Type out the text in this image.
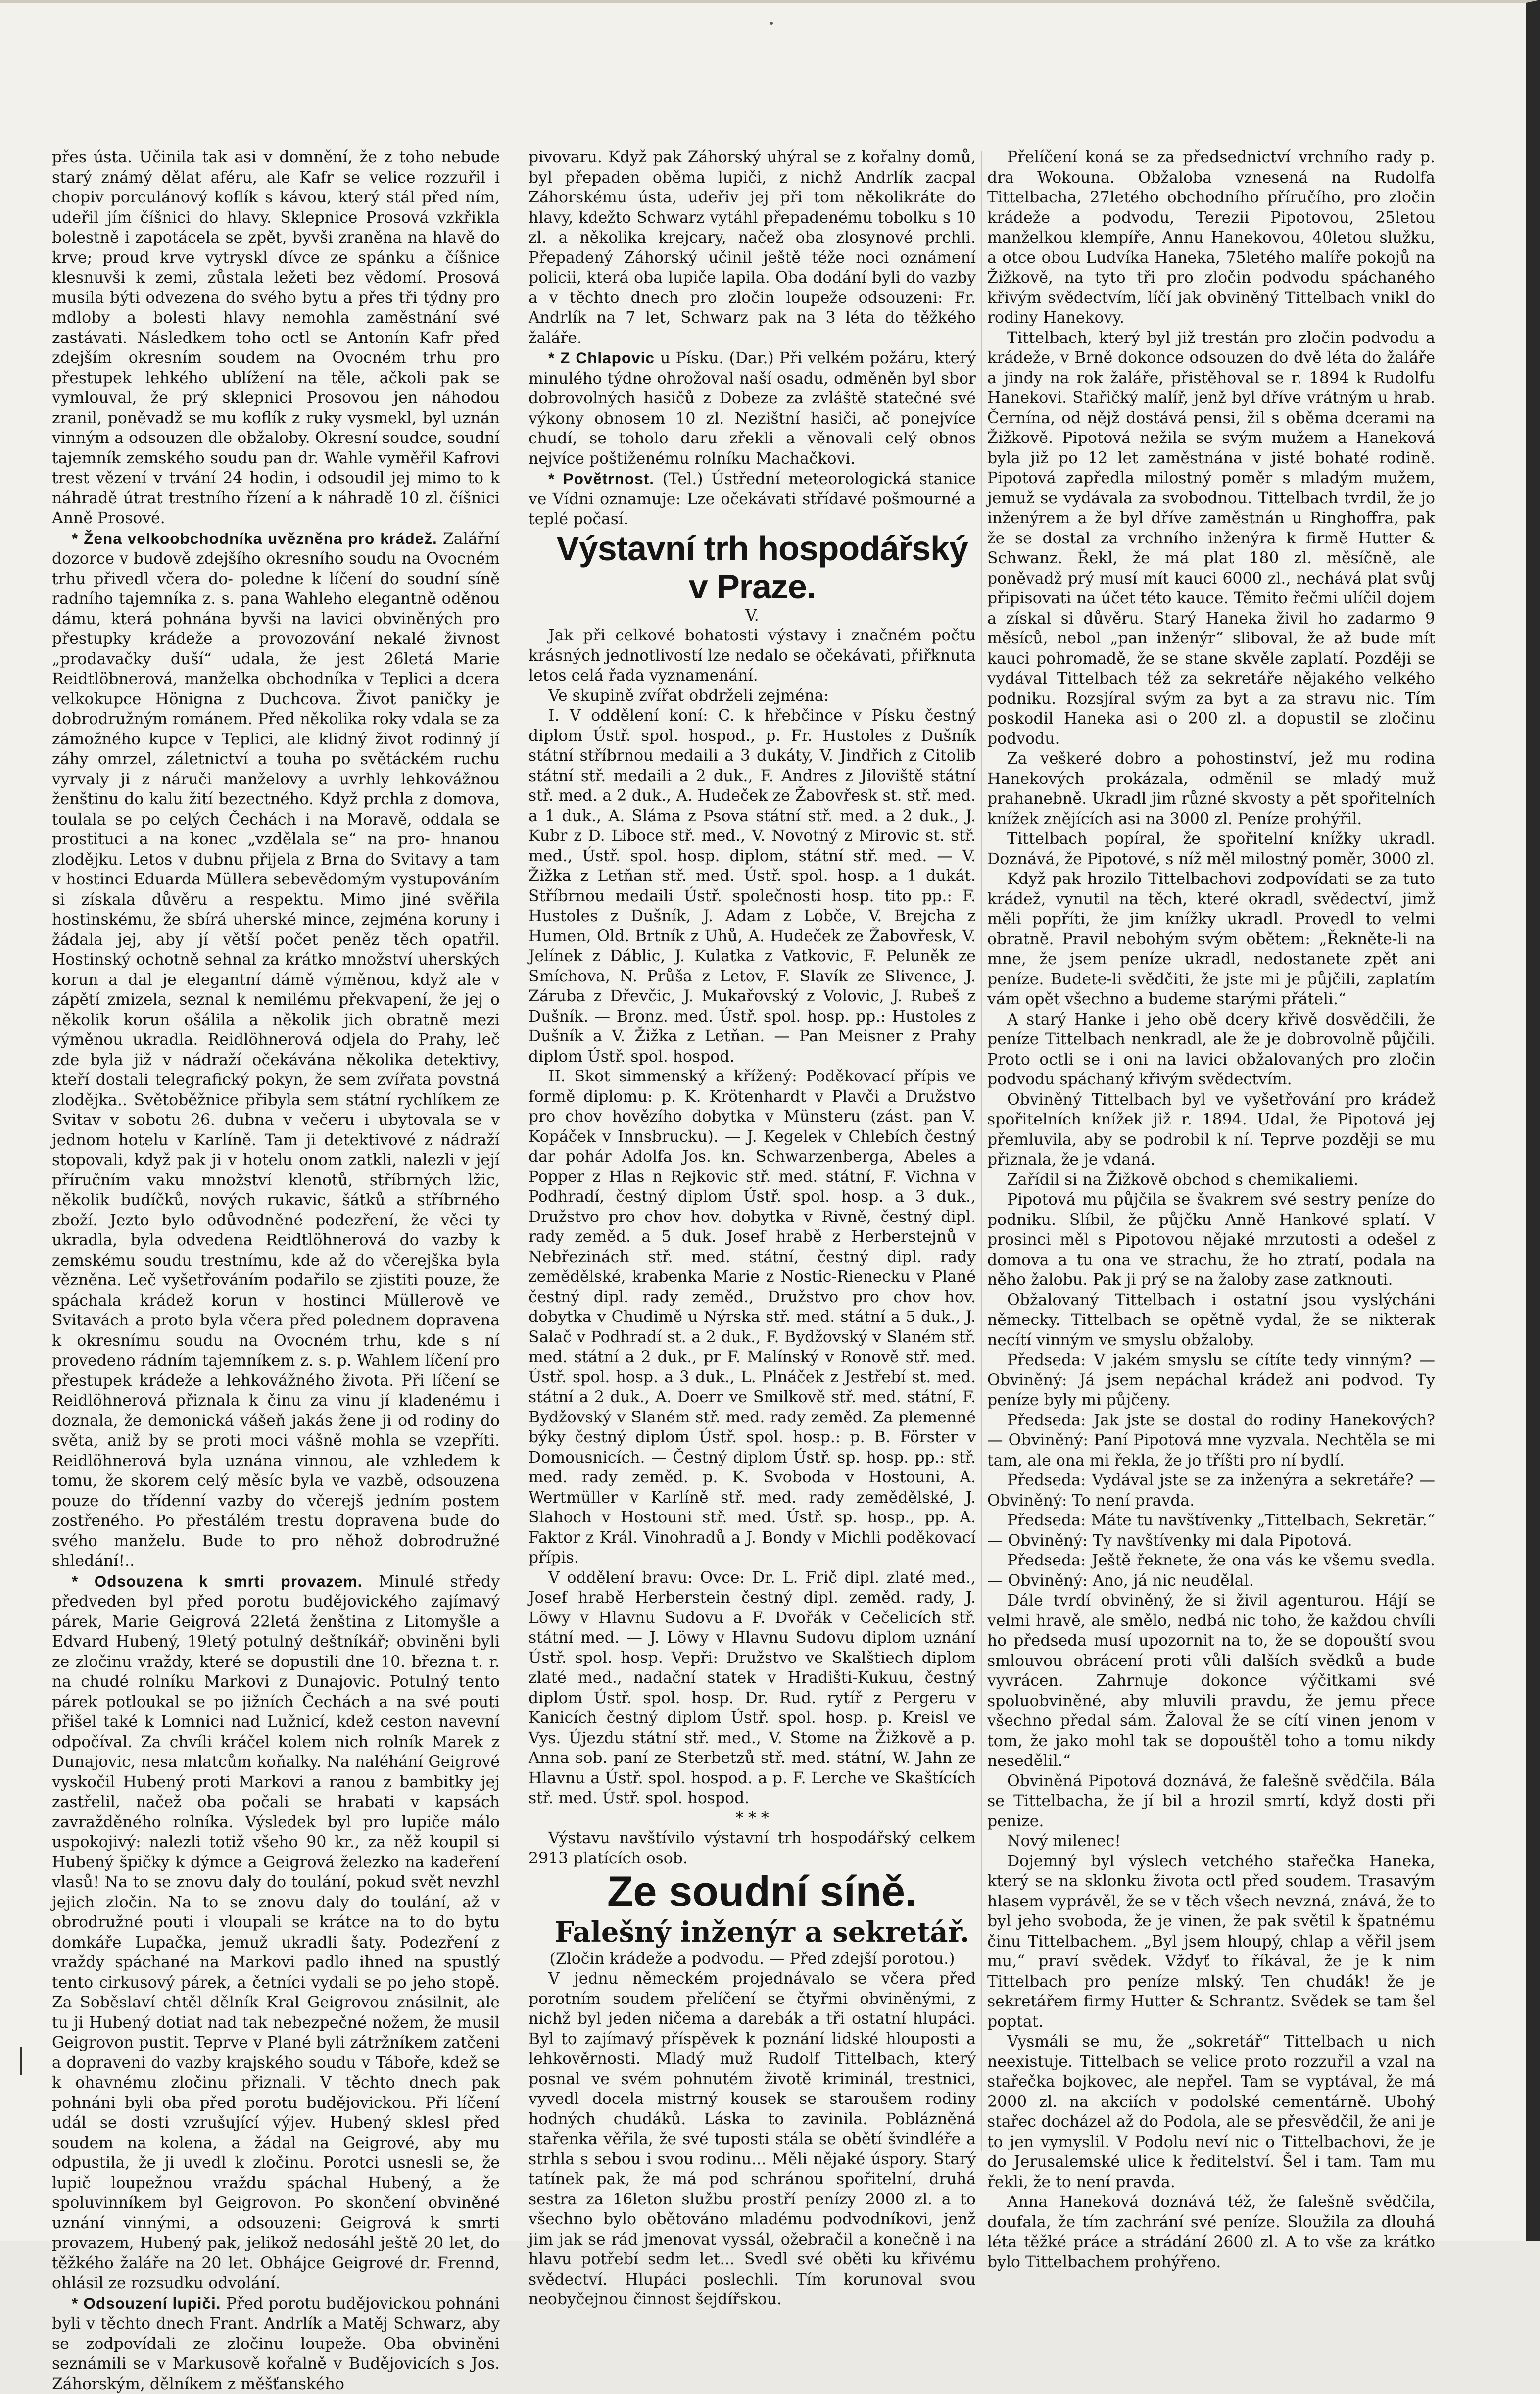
přes ústa. Učinila tak asi v domnění, že z toho nebude starý známý dělat aféru, ale Kafr se velice rozzuřil i chopiv porculánový koflík s kávou, který stál před ním, udeřil jím číšnici do hlavy. Sklepnice Prosová vzkřikla bolestně i zapotácela se zpět, byvši zraněna na hlavě do krve; proud krve vytryskl dívce ze spánku a číšnice klesnuvši k zemi, zůstala ležeti bez vědomí. Prosová musila býti odvezena do svého bytu a přes tři týdny pro mdloby a bolesti hlavy nemohla zaměstnání své zastávati. Následkem toho octl se Antonín Kafr před zdejším okresním soudem na Ovocném trhu pro přestupek lehkého ublížení na těle, ačkoli pak se vymlouval, že prý sklepnici Prosovou jen náhodou zranil, poněvadž se mu koflík z ruky vysmekl, byl uznán vinným a odsouzen dle obžaloby. Okresní soudce, soudní tajemník zemského soudu pan dr. Wahle vyměřil Kafrovi trest vězení v trvání 24 hodin, i odsoudil jej mimo to k náhradě útrat trestního řízení a k náhradě 10 zl. číšnici Anně Prosové.

* Žena velkoobchodníka uvězněna pro krádež. Zalářní dozorce v budově zdejšího okresního soudu na Ovocném trhu přivedl včera do- poledne k líčení do soudní síně radního tajemníka z. s. pana Wahleho elegantně oděnou dámu, která pohnána byvši na lavici obviněných pro přestupky krádeže a provozování nekalé živnost „prodavačky duší“ udala, že jest 26letá Marie Reidtlöbnerová, manželka obchodníka v Teplici a dcera velkokupce Hönigna z Duchcova. Život paničky je dobrodružným románem. Před několika roky vdala se za zámožného kupce v Teplici, ale klidný život rodinný jí záhy omrzel, záletnictví a touha po světáckém ruchu vyrvaly ji z náruči manželovy a uvrhly lehkovážnou ženštinu do kalu žití bezectného. Když prchla z domova, toulala se po celých Čechách i na Moravě, oddala se prostituci a na konec „vzdělala se“ na pro- hnanou zlodějku. Letos v dubnu přijela z Brna do Svitavy a tam v hostinci Eduarda Müllera sebevědomým vystupováním si získala důvěru a respektu. Mimo jiné svěřila hostinskému, že sbírá uherské mince, zejména koruny i žádala jej, aby jí větší počet peněz těch opatřil. Hostinský ochotně sehnal za krátko množství uherských korun a dal je elegantní dámě výměnou, když ale v zápětí zmizela, seznal k nemilému překvapení, že jej o několik korun ošálila a několik jich obratně mezi výměnou ukradla. Reidlöhnerová odjela do Prahy, leč zde byla již v nádraží očekávána několika detektivy, kteří dostali telegrafický pokyn, že sem zvířata povstná zlodějka.. Světoběžnice přibyla sem státní rychlíkem ze Svitav v sobotu 26. dubna v večeru i ubytovala se v jednom hotelu v Karlíně. Tam ji detektivové z nádraží stopovali, když pak ji v hotelu onom zatkli, nalezli v její příručním vaku množství klenotů, stříbrných lžic, několik budíčků, nových rukavic, šátků a stříbrného zboží. Jezto bylo odůvodněné podezření, že věci ty ukradla, byla odvedena Reidtlöhnerová do vazby k zemskému soudu trestnímu, kde až do včerejška byla vězněna. Leč vyšetřováním podařilo se zjistiti pouze, že spáchala krádež korun v hostinci Müllerově ve Svitavách a proto byla včera před polednem dopravena k okresnímu soudu na Ovocném trhu, kde s ní provedeno rádním tajemníkem z. s. p. Wahlem líčení pro přestupek krádeže a lehkovážného života. Při líčení se Reidlöhnerová přiznala k činu za vinu jí kladenému i doznala, že demonická vášeň jakás žene ji od rodiny do světa, aniž by se proti moci vášně mohla se vzepříti. Reidlöhnerová byla uznána vinnou, ale vzhledem k tomu, že skorem celý měsíc byla ve vazbě, odsouzena pouze do třídenní vazby do včerejš jedním postem zostřeného. Po přestálém trestu dopravena bude do svého manželu. Bude to pro něhož dobrodružné shledání!..

* Odsouzena k smrti provazem. Minulé středy předveden byl před porotu budějovického zajímavý párek, Marie Geigrová 22letá ženština z Litomyšle a Edvard Hubený, 19letý potulný deštníkář; obviněni byli ze zločinu vraždy, které se dopustili dne 10. března t. r. na chudé rolníku Markovi z Dunajovic. Potulný tento párek potloukal se po jižních Čechách a na své pouti přišel také k Lomnici nad Lužnicí, kdež ceston navevní odpočíval. Za chvíli kráčel kolem nich rolník Marek z Dunajovic, nesa mlatcům koňalky. Na naléhání Geigrové vyskočil Hubený proti Markovi a ranou z bambitky jej zastřelil, načež oba počali se hrabati v kapsách zavražděného rolníka. Výsledek byl pro lupiče málo uspokojivý: nalezli totiž všeho 90 kr., za něž koupil si Hubený špičky k dýmce a Geigrová železko na kadeření vlasů! Na to se znovu daly do toulání, pokud svět nevzhl jejich zločin. Na to se znovu daly do toulání, až v obrodružné pouti i vloupali se krátce na to do bytu domkáře Lupačka, jemuž ukradli šaty. Podezření z vraždy spáchané na Markovi padlo ihned na spustlý tento cirkusový párek, a četníci vydali se po jeho stopě. Za Soběslaví chtěl dělník Kral Geigrovou znásilnit, ale tu ji Hubený dotiat nad tak nebezpečné nožem, že musil Geigrovon pustit. Teprve v Plané byli zátržníkem zatčeni a dopraveni do vazby krajského soudu v Táboře, kdež se k ohavnému zločinu přiznali. V těchto dnech pak pohnáni byli oba před porotu budějovickou. Při líčení udál se dosti vzrušující výjev. Hubený sklesl před soudem na kolena, a žádal na Geigrové, aby mu odpustila, že ji uvedl k zločinu. Porotci usnesli se, že lupič loupežnou vraždu spáchal Hubený, a že spoluvinníkem byl Geigrovon. Po skončení obviněné uznání vinnými, a odsouzeni: Geigrová k smrti provazem, Hubený pak, jelikož nedosáhl ještě 20 let, do těžkého žaláře na 20 let. Obhájce Geigrové dr. Frennd, ohlásil ze rozsudku odvolání.

* Odsouzení lupiči. Před porotu budějovickou pohnáni byli v těchto dnech Frant. Andrlík a Matěj Schwarz, aby se zodpovídali ze zločinu loupeže. Oba obviněni seznámili se v Markusově kořalně v Budějovicích s Jos. Záhorským, dělníkem z měšťanského

pivovaru. Když pak Záhorský uhýral se z kořalny domů, byl přepaden oběma lupiči, z nichž Andrlík zacpal Záhorskému ústa, udeřiv jej při tom několikráte do hlavy, kdežto Schwarz vytáhl přepadenému tobolku s 10 zl. a několika krejcary, načež oba zlosynové prchli. Přepadený Záhorský učinil ještě téže noci oznámení policii, která oba lupiče lapila. Oba dodání byli do vazby a v těchto dnech pro zločin loupeže odsouzeni: Fr. Andrlík na 7 let, Schwarz pak na 3 léta do těžkého žaláře.

* Z Chlapovic u Písku. (Dar.) Při velkém požáru, který minulého týdne ohrožoval naší osadu, odměněn byl sbor dobrovolných hasičů z Dobeze za zvláště statečné své výkony obnosem 10 zl. Nezištní hasiči, ač ponejvíce chudí, se toholo daru zřekli a věnovali celý obnos nejvíce poštiženému rolníku Machačkovi.

* Povětrnost. (Tel.) Ústřední meteorologická stanice ve Vídni oznamuje: Lze očekávati střídavé pošmourné a teplé počasí.

Výstavní trh hospodářský v Praze.

V.

Jak při celkové bohatosti výstavy i značném počtu krásných jednotlivostí lze nedalo se očekávati, přiřknuta letos celá řada vyznamenání.

Ve skupině zvířat obdrželi zejména:

I. V oddělení koní: C. k hřebčince v Písku čestný diplom Ústř. spol. hospod., p. Fr. Hustoles z Dušník státní stříbrnou medaili a 3 dukáty, V. Jindřich z Citolib státní stř. medaili a 2 duk., F. Andres z Jiloviště státní stř. med. a 2 duk., A. Hudeček ze Žabovřesk st. stř. med. a 1 duk., A. Sláma z Psova státní stř. med. a 2 duk., J. Kubr z D. Liboce stř. med., V. Novotný z Mirovic st. stř. med., Ústř. spol. hosp. diplom, státní stř. med. — V. Žižka z Letňan stř. med. Ústř. spol. hosp. a 1 dukát. Stříbrnou medaili Ústř. společnosti hosp. tito pp.: F. Hustoles z Dušník, J. Adam z Lobče, V. Brejcha z Humen, Old. Brtník z Uhů, A. Hudeček ze Žabovřesk, V. Jelínek z Dáblic, J. Kulatka z Vatkovic, F. Peluněk ze Smíchova, N. Průša z Letov, F. Slavík ze Slivence, J. Záruba z Dřevčic, J. Mukařovský z Volovic, J. Rubeš z Dušník. — Bronz. med. Ústř. spol. hosp. pp.: Hustoles z Dušník a V. Žižka z Letňan. — Pan Meisner z Prahy diplom Ústř. spol. hospod.

II. Skot simmenský a křížený: Poděkovací přípis ve formě diplomu: p. K. Krötenhardt v Plavči a Družstvo pro chov hovězího dobytka v Münsteru (zást. pan V. Kopáček v Innsbrucku). — J. Kegelek v Chlebích čestný dar pohár Adolfa Jos. kn. Schwarzenberga, Abeles a Popper z Hlas n Rejkovic stř. med. státní, F. Vichna v Podhradí, čestný diplom Ústř. spol. hosp. a 3 duk., Družstvo pro chov hov. dobytka v Rivně, čestný dipl. rady zeměd. a 5 duk. Josef hrabě z Herberstejnů v Nebřezinách stř. med. státní, čestný dipl. rady zemědělské, krabenka Marie z Nostic-Rienecku v Plané čestný dipl. rady zeměd., Družstvo pro chov hov. dobytka v Chudimě u Nýrska stř. med. státní a 5 duk., J. Salač v Podhradí st. a 2 duk., F. Bydžovský v Slaném stř. med. státní a 2 duk., pr F. Malínský v Ronově stř. med. Ústř. spol. hosp. a 3 duk., L. Plnáček z Jestřebí st. med. státní a 2 duk., A. Doerr ve Smilkově stř. med. státní, F. Bydžovský v Slaném stř. med. rady zeměd. Za plemenné býky čestný diplom Ústř. spol. hosp.: p. B. Förster v Domousnicích. — Čestný diplom Ústř. sp. hosp. pp.: stř. med. rady zeměd. p. K. Svoboda v Hostouni, A. Wertmüller v Karlíně stř. med. rady zemědělské, J. Slahoch v Hostouni stř. med. Ústř. sp. hosp., pp. A. Faktor z Král. Vinohradů a J. Bondy v Michli poděkovací přípis.

V oddělení bravu: Ovce: Dr. L. Frič dipl. zlaté med., Josef hrabě Herberstein čestný dipl. zeměd. rady, J. Löwy v Hlavnu Sudovu a F. Dvořák v Cečelicích stř. státní med. — J. Löwy v Hlavnu Sudovu diplom uznání Ústř. spol. hosp. Vepři: Družstvo ve Skalštiech diplom zlaté med., nadační statek v Hradišti-Kukuu, čestný diplom Ústř. spol. hosp. Dr. Rud. rytíř z Pergeru v Kanicích čestný diplom Ústř. spol. hosp. p. Kreisl ve Vys. Újezdu státní stř. med., V. Stome na Žižkově a p. Anna sob. paní ze Sterbetzů stř. med. státní, W. Jahn ze Hlavnu a Ústř. spol. hospod. a p. F. Lerche ve Skaštících stř. med. Ústř. spol. hospod.

* * *

Výstavu navštívilo výstavní trh hospodářský celkem 2913 platících osob.

Ze soudní síně.

Falešný inženýr a sekretář.

(Zločin krádeže a podvodu. — Před zdejší porotou.)

V jednu německém projednávalo se včera před porotním soudem přelíčení se čtyřmi obviněnými, z nichž byl jeden ničema a darebák a tři ostatní hlupáci. Byl to zajímavý příspěvek k poznání lidské hlouposti a lehkověrnosti. Mladý muž Rudolf Tittelbach, který posnal ve svém pohnutém životě kriminál, trestnici, vyvedl docela mistrný kousek se staroušem rodiny hodných chudáků. Láska to zavinila. Poblázněná stařenka věřila, že své tuposti stála se obětí švindléře a strhla s sebou i svou rodinu... Měli nějaké úspory. Starý tatínek pak, že má pod schránou spořitelní, druhá sestra za 16leton službu prostří penízy 2000 zl. a to všechno bylo obětováno mladému podvodníkovi, jenž jim jak se rád jmenovat vyssál, ožebračil a konečně i na hlavu potřebí sedm let... Svedl své oběti ku křivému svědectví. Hlupáci poslechli. Tím korunoval svou neobyčejnou činnost šejdířskou.

Přelíčení koná se za předsednictví vrchního rady p. dra Wokouna. Obžaloba vznesená na Rudolfa Tittelbacha, 27letého obchodního příručího, pro zločin krádeže a podvodu, Terezii Pipotovou, 25letou manželkou klempíře, Annu Hanekovou, 40letou služku, a otce obou Ludvíka Haneka, 75letého malíře pokojů na Žižkově, na tyto tři pro zločin podvodu spáchaného křivým svědectvím, líčí jak obviněný Tittelbach vnikl do rodiny Hanekovy.

Tittelbach, který byl již trestán pro zločin podvodu a krádeže, v Brně dokonce odsouzen do dvě léta do žaláře a jindy na rok žaláře, přistěhoval se r. 1894 k Rudolfu Hanekovi. Stařičký malíř, jenž byl dříve vrátným u hrab. Černína, od nějž dostává pensi, žil s oběma dcerami na Žižkově. Pipotová nežila se svým mužem a Haneková byla již po 12 let zaměstnána v jisté bohaté rodině. Pipotová zapředla milostný poměr s mladým mužem, jemuž se vydávala za svobodnou. Tittelbach tvrdil, že jo inženýrem a že byl dříve zaměstnán u Ringhoffra, pak že se dostal za vrchního inženýra k firmě Hutter & Schwanz. Řekl, že má plat 180 zl. měsíčně, ale poněvadž prý musí mít kauci 6000 zl., nechává plat svůj připisovati na účet této kauce. Těmito řečmi ulíčil dojem a získal si důvěru. Starý Haneka živil ho zadarmo 9 měsíců, nebol „pan inženýr“ sliboval, že až bude mít kauci pohromadě, že se stane skvěle zaplatí. Později se vydával Tittelbach též za sekretáře nějakého velkého podniku. Rozsjíral svým za byt a za stravu nic. Tím poskodil Haneka asi o 200 zl. a dopustil se zločinu podvodu.

Za veškeré dobro a pohostinství, jež mu rodina Hanekových prokázala, odměnil se mladý muž prahanebně. Ukradl jim různé skvosty a pět spořitelních knížek znějících asi na 3000 zl. Peníze prohýřil.

Tittelbach popíral, že spořitelní knížky ukradl. Doznává, že Pipotové, s níž měl milostný poměr, 3000 zl.

Když pak hrozilo Tittelbachovi zodpovídati se za tuto krádež, vynutil na těch, které okradl, svědectví, jimž měli popříti, že jim knížky ukradl. Provedl to velmi obratně. Pravil nebohým svým obětem: „Řekněte-li na mne, že jsem peníze ukradl, nedostanete zpět ani peníze. Budete-li svědčiti, že jste mi je půjčili, zaplatím vám opět všechno a budeme starými přáteli.“

A starý Hanke i jeho obě dcery křivě dosvědčili, že peníze Tittelbach nenkradl, ale že je dobrovolně půjčili. Proto octli se i oni na lavici obžalovaných pro zločin podvodu spáchaný křivým svědectvím.

Obviněný Tittelbach byl ve vyšetřování pro krádež spořitelních knížek již r. 1894. Udal, že Pipotová jej přemluvila, aby se podrobil k ní. Teprve později se mu přiznala, že je vdaná.

Zařídil si na Žižkově obchod s chemikaliemi.

Pipotová mu půjčila se švakrem své sestry peníze do podniku. Slíbil, že půjčku Anně Hankové splatí. V prosinci měl s Pipotovou nějaké mrzutosti a odešel z domova a tu ona ve strachu, že ho ztratí, podala na něho žalobu. Pak ji prý se na žaloby zase zatknouti.

Obžalovaný Tittelbach i ostatní jsou vyslýcháni německy. Tittelbach se opětně vydal, že se nikterak necítí vinným ve smyslu obžaloby.

Předseda: V jakém smyslu se cítíte tedy vinným? — Obviněný: Já jsem nepáchal krádež ani podvod. Ty peníze byly mi půjčeny.

Předseda: Jak jste se dostal do rodiny Hanekových? — Obviněný: Paní Pipotová mne vyzvala. Nechtěla se mi tam, ale ona mi řekla, že jo tříšti pro ní bydlí.

Předseda: Vydával jste se za inženýra a sekretáře? — Obviněný: To není pravda.

Předseda: Máte tu navštívenky „Tittelbach, Sekretär.“ — Obviněný: Ty navštívenky mi dala Pipotová.

Předseda: Ještě řeknete, že ona vás ke všemu svedla. — Obviněný: Ano, já nic neudělal.

Dále tvrdí obviněný, že si živil agenturou. Hájí se velmi hravě, ale smělo, nedbá nic toho, že každou chvíli ho předseda musí upozornit na to, že se dopouští svou smlouvou obrácení proti vůli dalších svědků a bude vyvrácen. Zahrnuje dokonce výčitkami své spoluobviněné, aby mluvili pravdu, že jemu přece všechno předal sám. Žaloval že se cítí vinen jenom v tom, že jako mohl tak se dopouštěl toho a tomu nikdy nesedělil.“

Obviněná Pipotová doznává, že falešně svědčila. Bála se Tittelbacha, že jí bil a hrozil smrtí, když dosti při penize.

Nový milenec!

Dojemný byl výslech vetchého stařečka Haneka, který se na sklonku života octl před soudem. Trasavým hlasem vyprávěl, že se v těch všech nevzná, znává, že to byl jeho svoboda, že je vinen, že pak světil k špatnému činu Tittelbachem. „Byl jsem hloupý, chlap a věřil jsem mu,“ praví svědek. Vždyť to říkával, že je k nim Tittelbach pro peníze mlský. Ten chudák! že je sekretářem firmy Hutter & Schrantz. Svědek se tam šel poptat.

Vysmáli se mu, že „sokretář“ Tittelbach u nich neexistuje. Tittelbach se velice proto rozzuřil a vzal na stařečka bojkovec, ale nepřel. Tam se vyptával, že má 2000 zl. na akciích v podolské cementárně. Ubohý stařec docházel až do Podola, ale se přesvědčil, že ani je to jen vymyslil. V Podolu neví nic o Tittelbachovi, že je do Jerusalemské ulice k ředitelství. Šel i tam. Tam mu řekli, že to není pravda.

Anna Haneková doznává též, že falešně svědčila, doufala, že tím zachrání své peníze. Sloužila za dlouhá léta těžké práce a strádání 2600 zl. A to vše za krátko bylo Tittelbachem prohýřeno.
